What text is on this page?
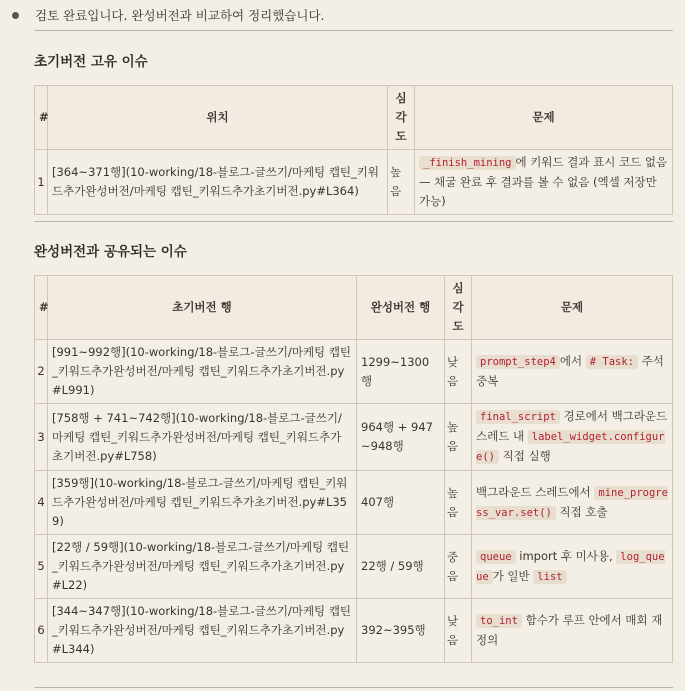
검토 완료입니다. 완성버전과 비교하여 정리했습니다.
초기버전 고유 이슈
#	위치	심각도	문제
1	[364~371행](10-working/18-블로그-글쓰기/마케팅 캡틴_키워드추가완성버전/마케팅 캡틴_키워드추가초기버전.py#L364)	높음	_finish_mining 에 키워드 결과 표시 코드 없음 — 채굴 완료 후 결과를 볼 수 없음 (엑셀 저장만 가능)
완성버전과 공유되는 이슈
#	초기버전 행	완성버전 행	심각도	문제
2	[991~992행](10-working/18-블로그-글쓰기/마케팅 캡틴_키워드추가완성버전/마케팅 캡틴_키워드추가초기버전.py#L991)	1299~1300행	낮음	prompt_step4 에서 # Task: 주석 중복
3	[758행 + 741~742행](10-working/18-블로그-글쓰기/마케팅 캡틴_키워드추가완성버전/마케팅 캡틴_키워드추가초기버전.py#L758)	964행 + 947~948행	높음	final_script 경로에서 백그라운드 스레드 내 label_widget.configure() 직접 실행
4	[359행](10-working/18-블로그-글쓰기/마케팅 캡틴_키워드추가완성버전/마케팅 캡틴_키워드추가초기버전.py#L359)	407행	높음	백그라운드 스레드에서 mine_progress_var.set() 직접 호출
5	[22행 / 59행](10-working/18-블로그-글쓰기/마케팅 캡틴_키워드추가완성버전/마케팅 캡틴_키워드추가초기버전.py#L22)	22행 / 59행	중음	queue import 후 미사용, log_queue 가 일반 list
6	[344~347행](10-working/18-블로그-글쓰기/마케팅 캡틴_키워드추가완성버전/마케팅 캡틴_키워드추가초기버전.py#L344)	392~395행	낮음	to_int 함수가 루프 안에서 매회 재정의
